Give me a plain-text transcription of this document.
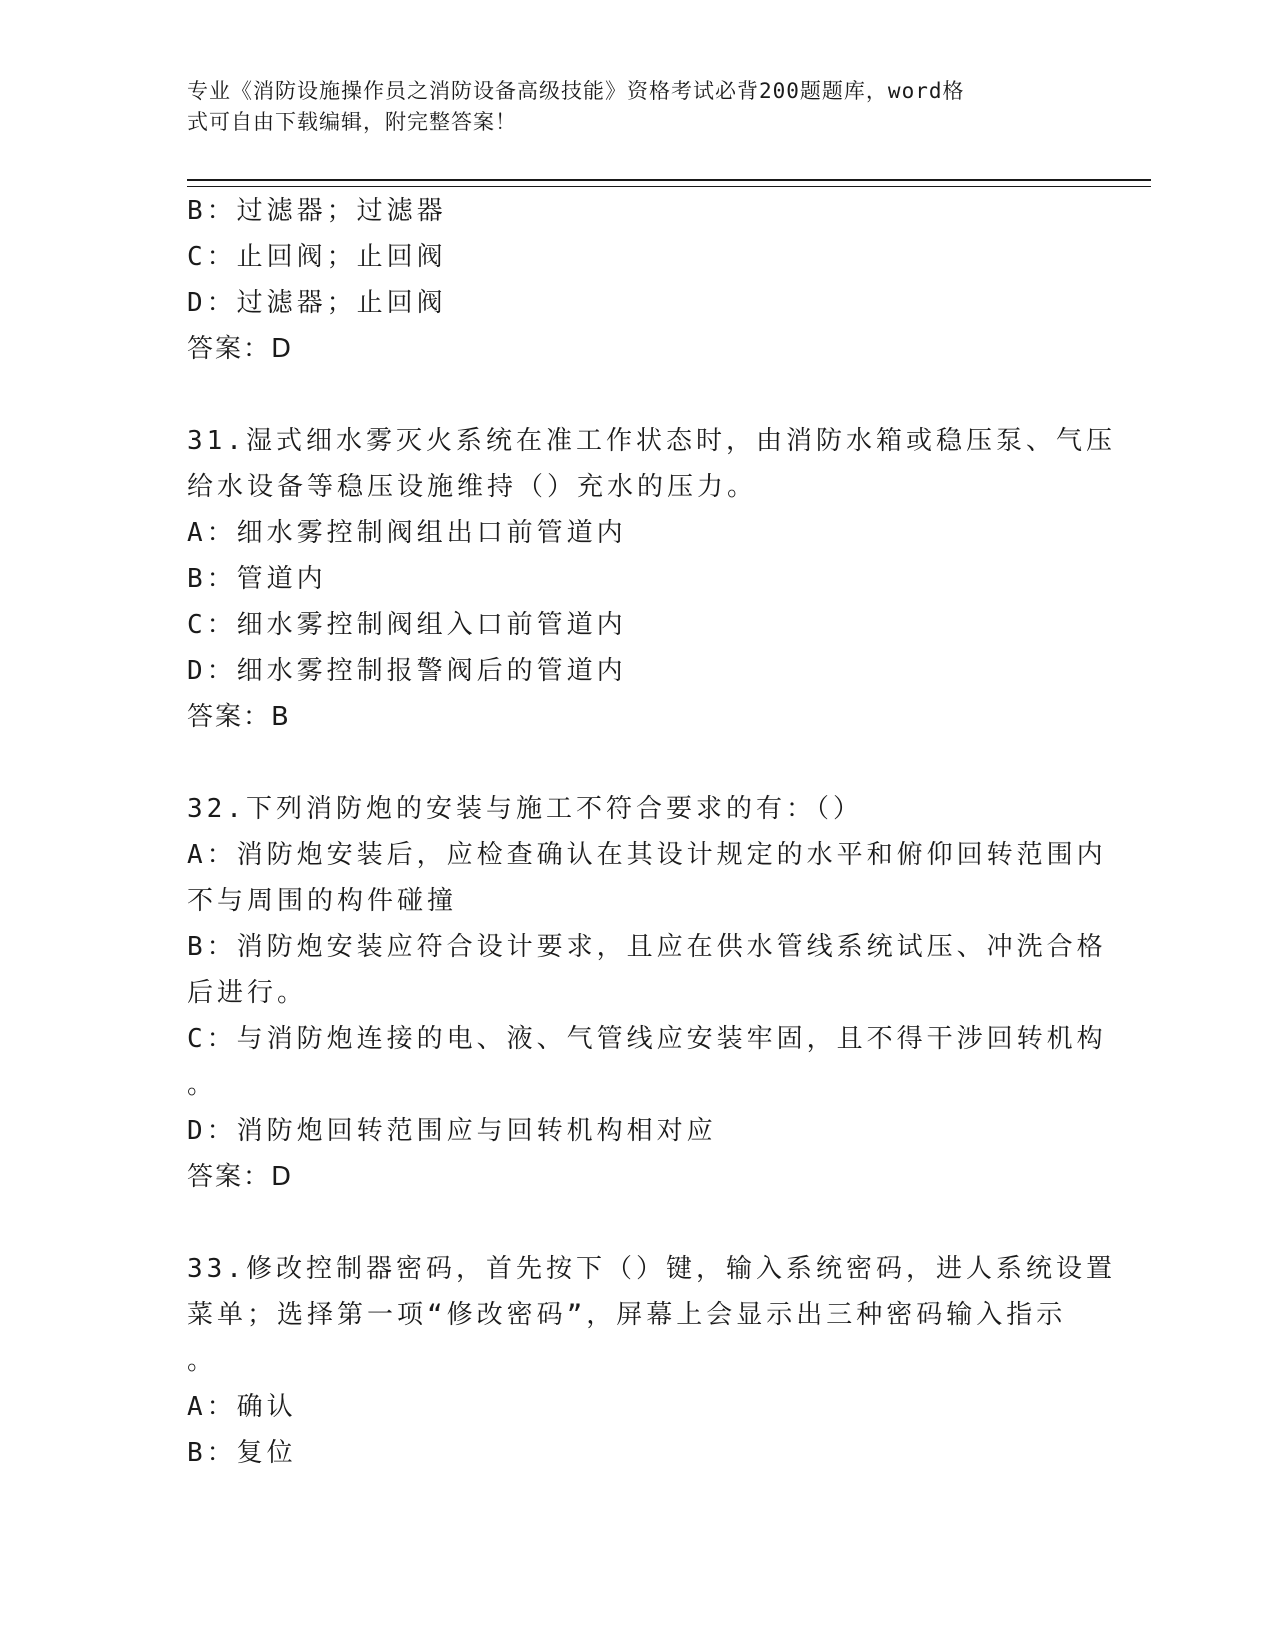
专业《消防设施操作员之消防设备高级技能》资格考试必背200题题库，word格
式可自由下载编辑，附完整答案！
B：过滤器；过滤器
C：止回阀；止回阀
D：过滤器；止回阀
答案：D
31.湿式细水雾灭火系统在准工作状态时，由消防水箱或稳压泵、气压
给水设备等稳压设施维持（）充水的压力。
A：细水雾控制阀组出口前管道内
B：管道内
C：细水雾控制阀组入口前管道内
D：细水雾控制报警阀后的管道内
答案：B
32.下列消防炮的安装与施工不符合要求的有：（）
A：消防炮安装后，应检查确认在其设计规定的水平和俯仰回转范围内
不与周围的构件碰撞
B：消防炮安装应符合设计要求，且应在供水管线系统试压、冲洗合格
后进行。
C：与消防炮连接的电、液、气管线应安装牢固，且不得干涉回转机构
。
D：消防炮回转范围应与回转机构相对应
答案：D
33.修改控制器密码，首先按下（）键，输入系统密码，进人系统设置
菜单；选择第一项“修改密码”，屏幕上会显示出三种密码输入指示
。
A：确认
B：复位
